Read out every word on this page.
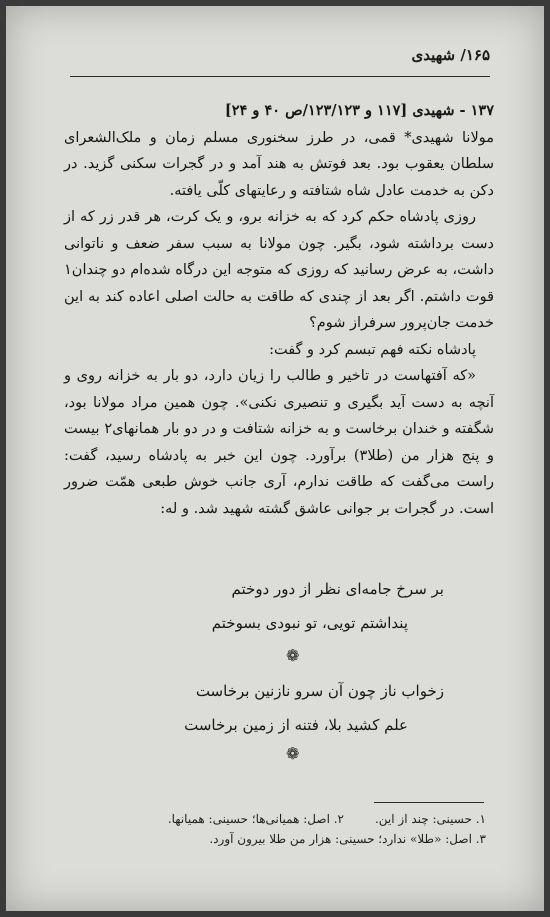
۱۶۵/ شهیدی

۱۳۷ - شهیدی [۱۱۷ و ۱۲۳/۱۲۳/ص ۴۰ و ۲۴]

مولانا شهیدی* قمی، در طرز سخنوری مسلم زمان و ملک‌الشعرای سلطان یعقوب بود. بعد فوتش به هند آمد و در گجرات سکنی گزید. در دکن به خدمت عادل شاه شتافته و رعایتهای کلّی یافته.

روزی پادشاه حکم کرد که به خزانه برو، و یک کرت، هر قدر زر که از دست برداشته شود، بگیر. چون مولانا به سبب سفر ضعف و ناتوانی داشت، به عرض رسانید که روزی که متوجه این درگاه شده‌ام دو چندان۱ قوت داشتم. اگر بعد از چندی که طاقت به حالت اصلی اعاده کند به این خدمت جان‌پرور سرفراز شوم؟

پادشاه نکته فهم تبسم کرد و گفت:

«که آفتهاست در تاخیر و طالب را زیان دارد، دو بار به خزانه روی و آنچه به دست آید بگیری و تنصیری نکنی». چون همین مراد مولانا بود، شگفته و خندان برخاست و به خزانه شتافت و در دو بار همانهای۲ بیست و پنج هزار من (طلا۳) برآورد. چون این خبر به پادشاه رسید، گفت: راست می‌گفت که طاقت ندارم، آری جانب خوش طبعی همّت ضرور است. در گجرات بر جوانی عاشق گشته شهید شد. و له:

بر سرخ جامه‌ای نظر از دور دوختم
پنداشتم تویی، تو نبودی بسوختم
❁
زخواب ناز چون آن سرو نازنین برخاست
علم کشید بلا، فتنه از زمین برخاست
❁
۱. حسینی: چند از این.
۲. اصل: همیانی‌ها؛ حسینی: همیانها.
۳. اصل: «طلا» ندارد؛ حسینی: هزار من طلا بیرون آورد.
